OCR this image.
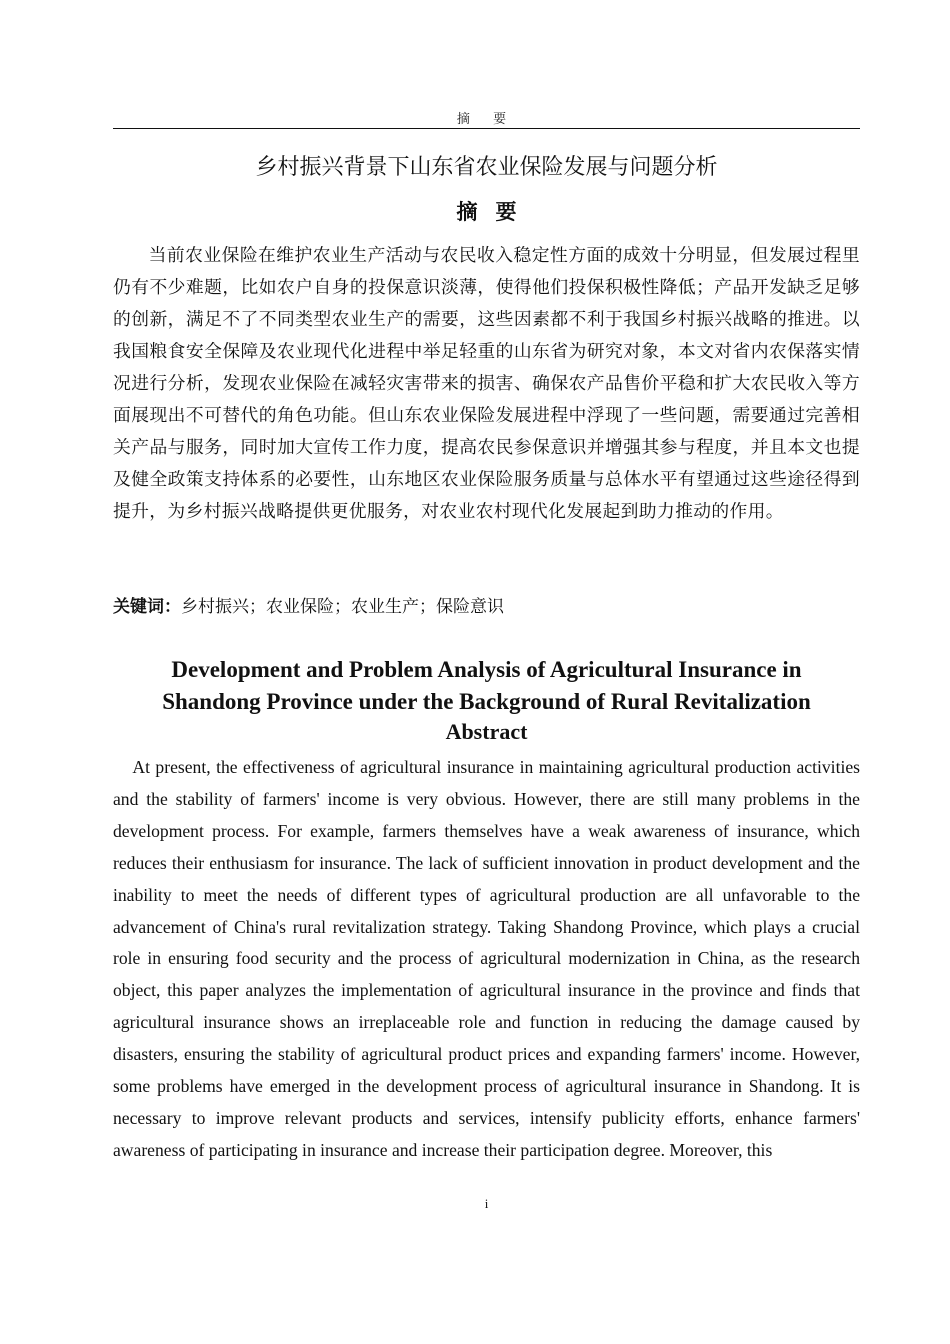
摘 要
乡村振兴背景下山东省农业保险发展与问题分析
摘要

当前农业保险在维护农业生产活动与农民收入稳定性方面的成效十分明显，但发展过程里仍有不少难题，比如农户自身的投保意识淡薄，使得他们投保积极性降低；产品开发缺乏足够的创新，满足不了不同类型农业生产的需要，这些因素都不利于我国乡村振兴战略的推进。以我国粮食安全保障及农业现代化进程中举足轻重的山东省为研究对象，本文对省内农保落实情况进行分析，发现农业保险在减轻灾害带来的损害、确保农产品售价平稳和扩大农民收入等方面展现出不可替代的角色功能。但山东农业保险发展进程中浮现了一些问题，需要通过完善相关产品与服务，同时加大宣传工作力度，提高农民参保意识并增强其参与程度，并且本文也提及健全政策支持体系的必要性，山东地区农业保险服务质量与总体水平有望通过这些途径得到提升，为乡村振兴战略提供更优服务，对农业农村现代化发展起到助力推动的作用。

关键词：乡村振兴；农业保险；农业生产；保险意识
Development and Problem Analysis of Agricultural Insurance in
Shandong Province under the Background of Rural Revitalization
Abstract

At present, the effectiveness of agricultural insurance in maintaining agricultural production activities and the stability of farmers' income is very obvious. However, there are still many problems in the development process. For example, farmers themselves have a weak awareness of insurance, which reduces their enthusiasm for insurance. The lack of sufficient innovation in product development and the inability to meet the needs of different types of agricultural production are all unfavorable to the advancement of China's rural revitalization strategy. Taking Shandong Province, which plays a crucial role in ensuring food security and the process of agricultural modernization in China, as the research object, this paper analyzes the implementation of agricultural insurance in the province and finds that agricultural insurance shows an irreplaceable role and function in reducing the damage caused by disasters, ensuring the stability of agricultural product prices and expanding farmers' income. However, some problems have emerged in the development process of agricultural insurance in Shandong. It is necessary to improve relevant products and services, intensify publicity efforts, enhance farmers' awareness of participating in insurance and increase their participation degree. Moreover, this

i
